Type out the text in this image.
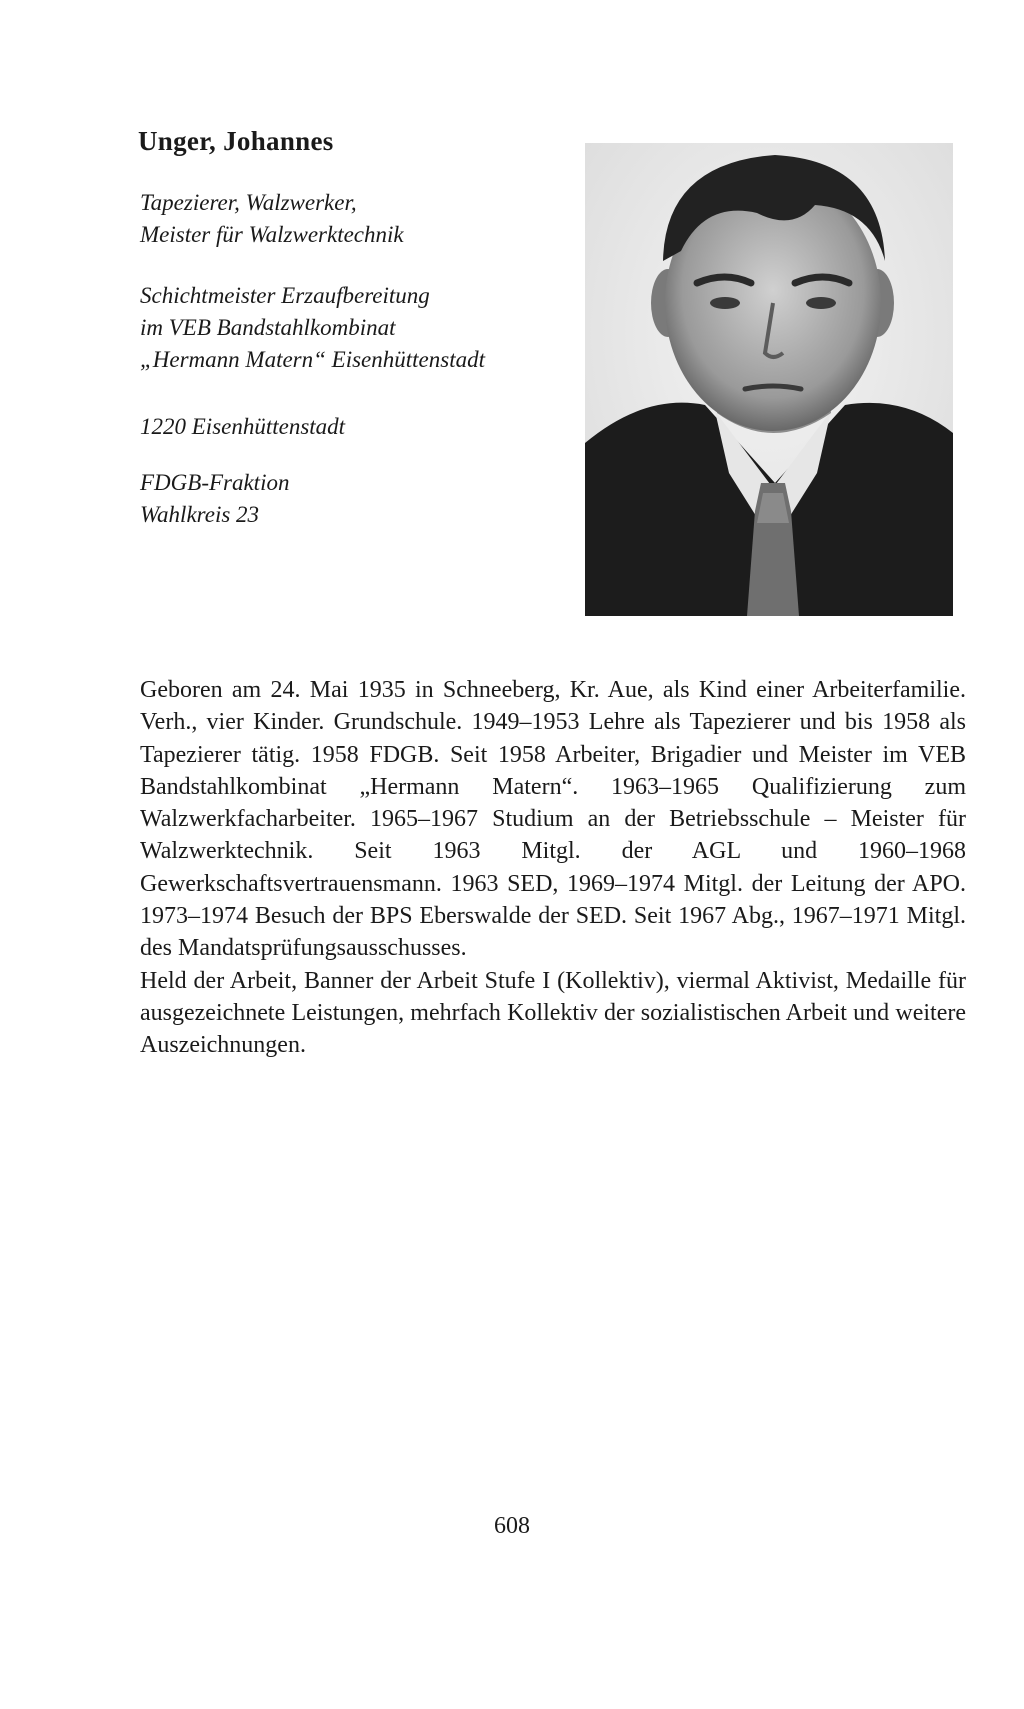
Unger, Johannes
Tapezierer, Walzwerker,
Meister für Walzwerktechnik
Schichtmeister Erzaufbereitung
im VEB Bandstahlkombinat
„Hermann Matern“ Eisenhüttenstadt
1220 Eisenhüttenstadt
FDGB-Fraktion
Wahlkreis 23

Geboren am 24. Mai 1935 in Schneeberg, Kr. Aue, als Kind einer Arbeiterfamilie. Verh., vier Kinder. Grundschule. 1949–1953 Lehre als Tapezierer und bis 1958 als Tapezierer tätig. 1958 FDGB. Seit 1958 Arbeiter, Brigadier und Meister im VEB Bandstahlkombinat „Hermann Matern“. 1963–1965 Qualifizierung zum Walzwerkfacharbeiter. 1965–1967 Studium an der Betriebsschule – Meister für Walzwerktechnik. Seit 1963 Mitgl. der AGL und 1960–1968 Gewerkschaftsvertrauensmann. 1963 SED, 1969–1974 Mitgl. der Leitung der APO. 1973–1974 Besuch der BPS Eberswalde der SED. Seit 1967 Abg., 1967–1971 Mitgl. des Mandatsprüfungsausschusses.

Held der Arbeit, Banner der Arbeit Stufe I (Kollektiv), viermal Aktivist, Medaille für ausgezeichnete Leistungen, mehrfach Kollektiv der sozialistischen Arbeit und weitere Auszeichnungen.

608
